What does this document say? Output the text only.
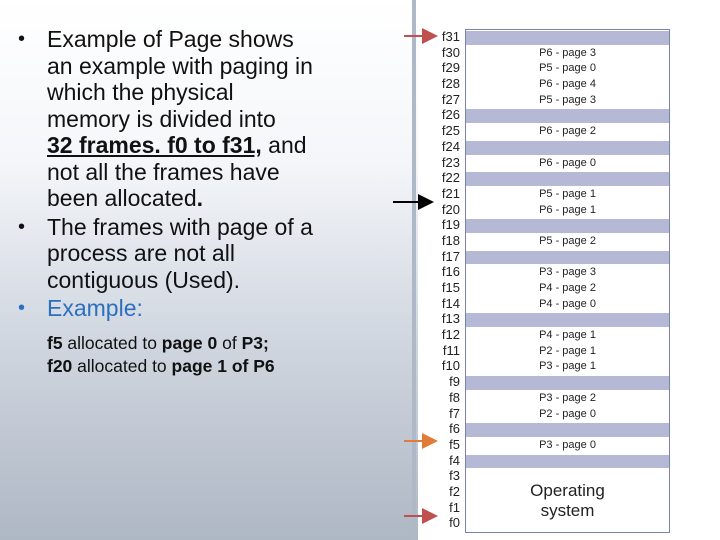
• Example of Page shows
an example with paging in
which the physical
memory is divided into
32 frames. f0 to f31, and
not all the frames have
been allocated.
• The frames with page of a
process are not all
contiguous (Used).
• Example:
f5 allocated to page 0 of P3;
f20 allocated to page 1 of P6
32
f31
f30
f29
f28
f27
f26
f25
f24
f23
f22
f21
f20
f19
f18
f17
f16
f15
f14
f13
f12
f11
f10
f9
f8
f7
f6
f5
f4
f3
f2
f1
f0
P6 - page 3
P5 - page 0
P6 - page 4
P5 - page 3
P6 - page 2
P6 - page 0
P5 - page 1
P6 - page 1
P5 - page 2
P3 - page 3
P4 - page 2
P4 - page 0
P4 - page 1
P2 - page 1
P3 - page 1
P3 - page 2
P2 - page 0
P3 - page 0
Operating
system
